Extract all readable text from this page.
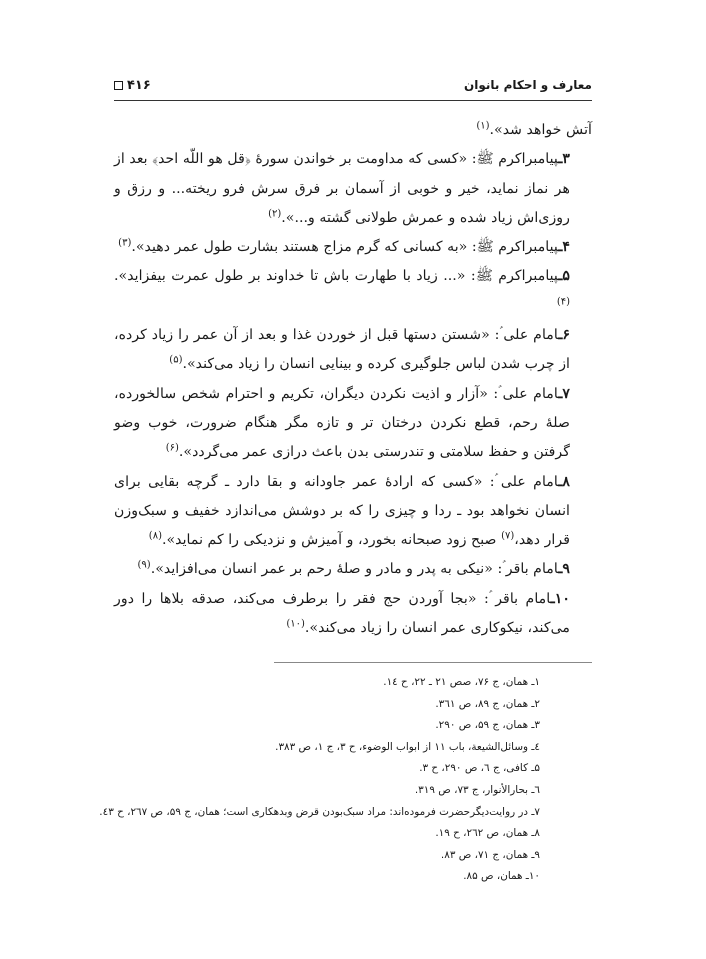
۴۱۶	معارف و احکام بانوان

آتش خواهد شد».$^{(۱)}$

۳ـپیامبراکرم ﷺ: «کسی که مداومت بر خواندن سورهٔ ﴿قل هو اللّه احد﴾ بعد از هر نماز نماید، خیر و خوبی از آسمان بر فرق سرش فرو ریخته... و رزق و روزی‌اش زیاد شده و عمرش طولانی گشته و...».$^{(۲)}$

۴ـپیامبراکرم ﷺ: «به کسانی که گرم مزاج هستند بشارت طول عمر دهید».$^{(۳)}$

۵ـپیامبراکرم ﷺ: «... زیاد با طهارت باش تا خداوند بر طول عمرت بیفزاید».$^{(۴)}$

۶ـامام علی ؑ: «شستن دستها قبل از خوردن غذا و بعد از آن عمر را زیاد کرده، از چرب شدن لباس جلوگیری کرده و بینایی انسان را زیاد می‌کند».$^{(۵)}$

۷ـامام علی ؑ: «آزار و اذیت نکردن دیگران، تکریم و احترام شخص سالخورده، صلهٔ رحم، قطع نکردن درختان تر و تازه مگر هنگام ضرورت، خوب وضو گرفتن و حفظ سلامتی و تندرستی بدن باعث درازی عمر می‌گردد».$^{(۶)}$

۸ـامام علی ؑ: «کسی که ارادهٔ عمر جاودانه و بقا دارد ـ گرچه بقایی برای انسان نخواهد بود ـ ردا و چیزی را که بر دوشش می‌اندازد خفیف و سبک‌وزن قرار دهد،$^{(۷)}$ صبح زود صبحانه بخورد، و آمیزش و نزدیکی را کم نماید».$^{(۸)}$

۹ـامام باقر ؑ: «نیکی به پدر و مادر و صلهٔ رحم بر عمر انسان می‌افزاید».$^{(۹)}$

۱۰ـامام باقر ؑ: «بجا آوردن حج فقر را برطرف می‌کند، صدقه بلاها را دور می‌کند، نیکوکاری عمر انسان را زیاد می‌کند».$^{(۱۰)}$

۱ـ همان، ج ۷۶، صص ۲۱ ـ ۲۲، ح ۱٤.
۲ـ همان، ج ۸۹، ص ۳٦۱.
۳ـ همان، ج ۵۹، ص ۲۹۰.
٤ـ وسائل‌الشیعة، باب ۱۱ از ابواب الوضوء، ح ۳، ج ۱، ص ۳۸۳.
۵ـ کافی، ج ٦، ص ۲۹۰، ح ۳.
٦ـ بحارالأنوار، ج ۷۳، ص ۳۱۹.
۷ـ در روایت‌دیگرحضرت فرموده‌اند: مراد سبک‌بودن قرض وبدهکاری است؛ همان، ج ۵۹، ص ۲٦۷، ح ٤۳.
۸ـ همان، ص ۲٦۲، ح ۱۹.
۹ـ همان، ج ۷۱، ص ۸۳.
۱۰ـ همان، ص ۸۵.
